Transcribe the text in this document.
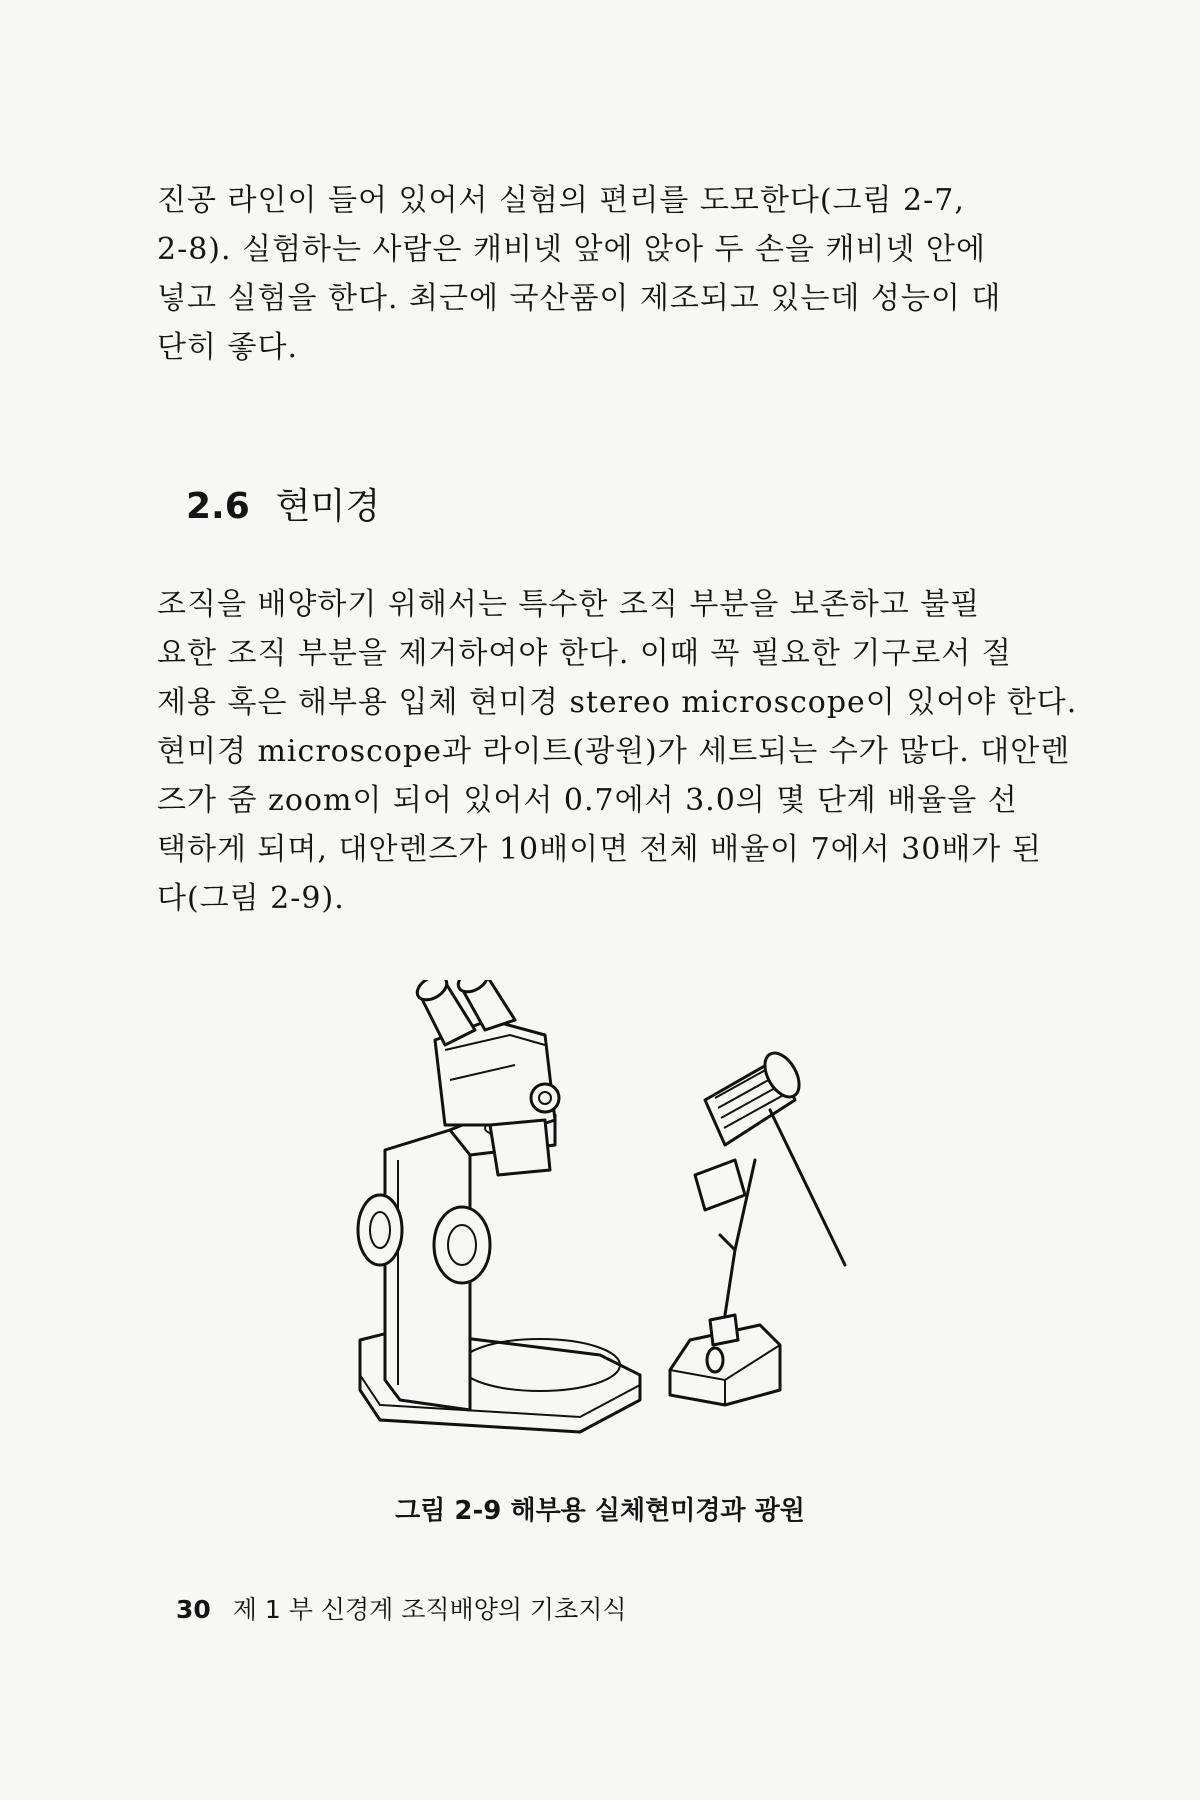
진공 라인이 들어 있어서 실험의 편리를 도모한다(그림 2-7,
2-8). 실험하는 사람은 캐비넷 앞에 앉아 두 손을 캐비넷 안에
넣고 실험을 한다. 최근에 국산품이 제조되고 있는데 성능이 대
단히 좋다.
2.6 현미경
조직을 배양하기 위해서는 특수한 조직 부분을 보존하고 불필
요한 조직 부분을 제거하여야 한다. 이때 꼭 필요한 기구로서 절
제용 혹은 해부용 입체 현미경 stereo microscope이 있어야 한다.
현미경 microscope과 라이트(광원)가 세트되는 수가 많다. 대안렌
즈가 줌 zoom이 되어 있어서 0.7에서 3.0의 몇 단계 배율을 선
택하게 되며, 대안렌즈가 10배이면 전체 배율이 7에서 30배가 된
다(그림 2-9).
그림 2-9 해부용 실체현미경과 광원
30 제 1 부 신경계 조직배양의 기초지식
